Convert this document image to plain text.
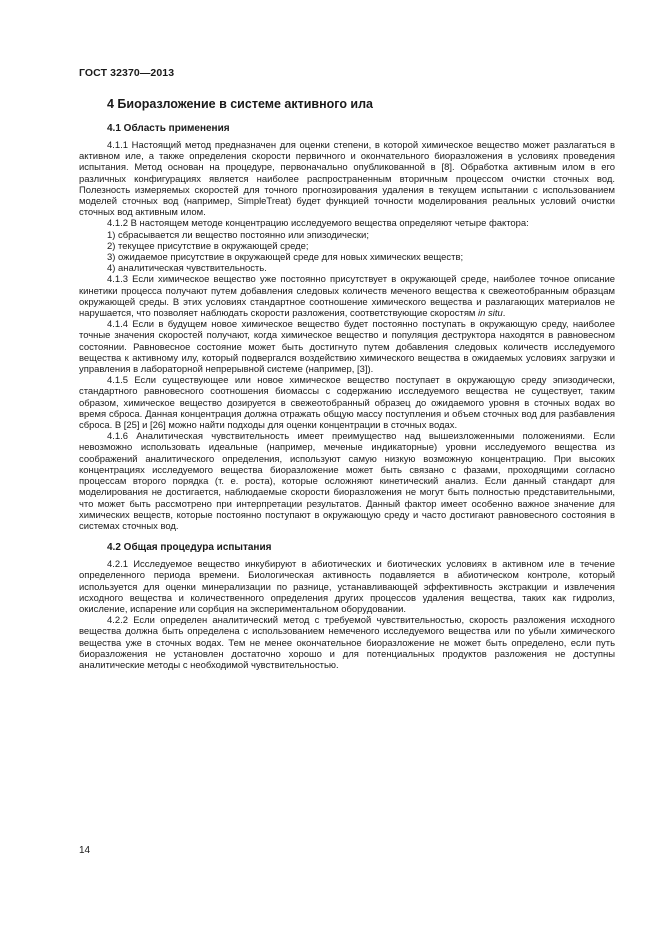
ГОСТ 32370—2013
4 Биоразложение в системе активного ила
4.1 Область применения

4.1.1 Настоящий метод предназначен для оценки степени, в которой химическое вещество может разлагаться в активном иле, а также определения скорости первичного и окончательного биоразложения в условиях проведения испытания. Метод основан на процедуре, первоначально опубликованной в [8]. Обработка активным илом в его различных конфигурациях является наиболее распространенным вторичным процессом очистки сточных вод. Полезность измеряемых скоростей для точного прогнозирования удаления в текущем испытании с использованием моделей сточных вод (например, SimpleTreat) будет функцией точности моделирования реальных условий очистки сточных вод активным илом.

4.1.2 В настоящем методе концентрацию исследуемого вещества определяют четыре фактора:

1) сбрасывается ли вещество постоянно или эпизодически;

2) текущее присутствие в окружающей среде;

3) ожидаемое присутствие в окружающей среде для новых химических веществ;

4) аналитическая чувствительность.

4.1.3 Если химическое вещество уже постоянно присутствует в окружающей среде, наиболее точное описание кинетики процесса получают путем добавления следовых количеств меченого вещества к свежеотобранным образцам окружающей среды. В этих условиях стандартное соотношение химического вещества и разлагающих материалов не нарушается, что позволяет наблюдать скорости разложения, соответствующие скоростям in situ.

4.1.4 Если в будущем новое химическое вещество будет постоянно поступать в окружающую среду, наиболее точные значения скоростей получают, когда химическое вещество и популяция деструктора находятся в равновесном состоянии. Равновесное состояние может быть достигнуто путем добавления следовых количеств исследуемого вещества к активному илу, который подвергался воздействию химического вещества в ожидаемых условиях загрузки и управления в лабораторной непрерывной системе (например, [3]).

4.1.5 Если существующее или новое химическое вещество поступает в окружающую среду эпизодически, стандартного равновесного соотношения биомассы с содержанию исследуемого вещества не существует, таким образом, химическое вещество дозируется в свежеотобранный образец до ожидаемого уровня в сточных водах во время сброса. Данная концентрация должна отражать общую массу поступления и объем сточных вод для разбавления сброса. В [25] и [26] можно найти подходы для оценки концентрации в сточных водах.

4.1.6 Аналитическая чувствительность имеет преимущество над вышеизложенными положениями. Если невозможно использовать идеальные (например, меченые индикаторные) уровни исследуемого вещества из соображений аналитического определения, используют самую низкую возможную концентрацию. При высоких концентрациях исследуемого вещества биоразложение может быть связано с фазами, проходящими согласно процессам второго порядка (т. е. роста), которые осложняют кинетический анализ. Если данный стандарт для моделирования не достигается, наблюдаемые скорости биоразложения не могут быть полностью представительными, что может быть рассмотрено при интерпретации результатов. Данный фактор имеет особенно важное значение для химических веществ, которые постоянно поступают в окружающую среду и часто достигают равновесного состояния в системах сточных вод.

4.2 Общая процедура испытания

4.2.1 Исследуемое вещество инкубируют в абиотических и биотических условиях в активном иле в течение определенного периода времени. Биологическая активность подавляется в абиотическом контроле, который используется для оценки минерализации по разнице, устанавливающей эффективность экстракции и извлечения исходного вещества и количественного определения других процессов удаления вещества, таких как гидролиз, окисление, испарение или сорбция на экспериментальном оборудовании.

4.2.2 Если определен аналитический метод с требуемой чувствительностью, скорость разложения исходного вещества должна быть определена с использованием немеченого исследуемого вещества или по убыли химического вещества уже в сточных водах. Тем не менее окончательное биоразложение не может быть определено, если путь биоразложения не установлен достаточно хорошо и для потенциальных продуктов разложения не доступны аналитические методы с необходимой чувствительностью.

14
